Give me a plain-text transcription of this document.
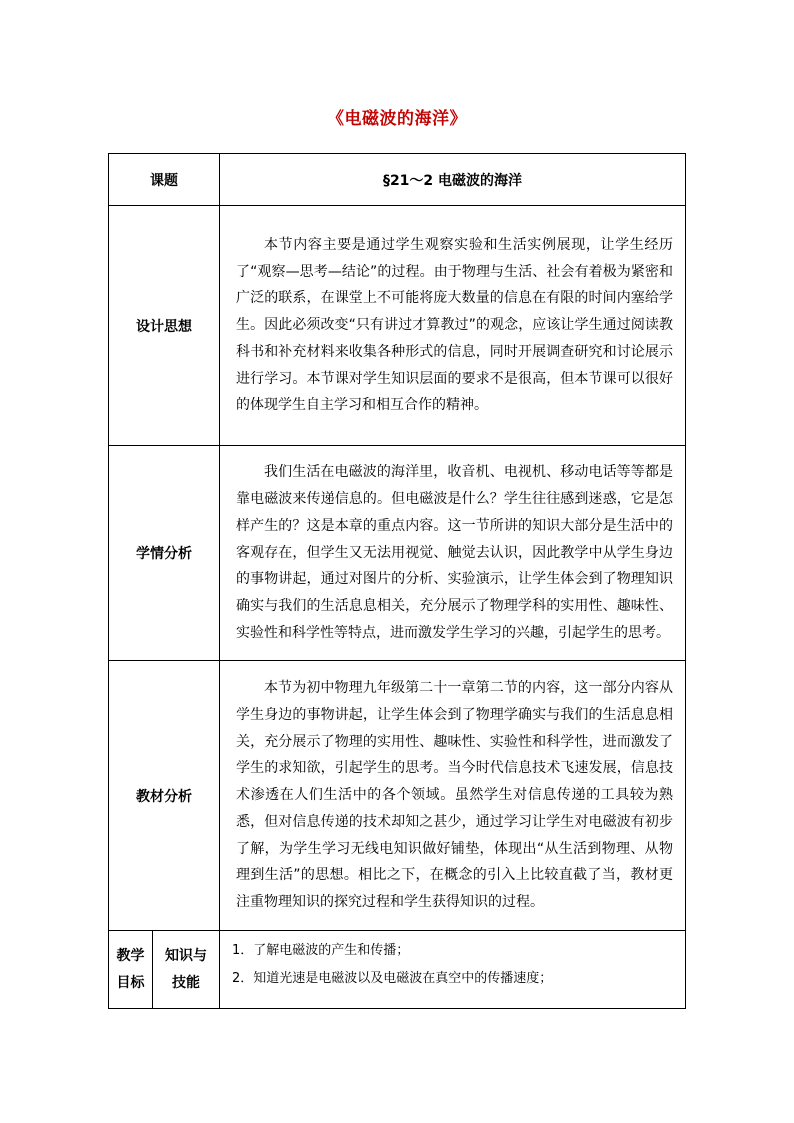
《电磁波的海洋》
课题		§21～2 电磁波的海洋
设计思想		本节内容主要是通过学生观察实验和生活实例展现，让学生经历了“观察—思考—结论”的过程。由于物理与生活、社会有着极为紧密和广泛的联系，在课堂上不可能将庞大数量的信息在有限的时间内塞给学生。因此必须改变“只有讲过才算教过”的观念，应该让学生通过阅读教科书和补充材料来收集各种形式的信息，同时开展调查研究和讨论展示进行学习。本节课对学生知识层面的要求不是很高，但本节课可以很好的体现学生自主学习和相互合作的精神。

学情分析		我们生活在电磁波的海洋里，收音机、电视机、移动电话等等都是靠电磁波来传递信息的。但电磁波是什么？学生往往感到迷惑，它是怎样产生的？这是本章的重点内容。这一节所讲的知识大部分是生活中的客观存在，但学生又无法用视觉、触觉去认识，因此教学中从学生身边的事物讲起，通过对图片的分析、实验演示，让学生体会到了物理知识确实与我们的生活息息相关，充分展示了物理学科的实用性、趣味性、实验性和科学性等特点，进而激发学生学习的兴趣，引起学生的思考。

教材分析		本节为初中物理九年级第二十一章第二节的内容，这一部分内容从学生身边的事物讲起，让学生体会到了物理学确实与我们的生活息息相关，充分展示了物理的实用性、趣味性、实验性和科学性，进而激发了学生的求知欲，引起学生的思考。当今时代信息技术飞速发展，信息技术渗透在人们生活中的各个领域。虽然学生对信息传递的工具较为熟悉，但对信息传递的技术却知之甚少，通过学习让学生对电磁波有初步了解，为学生学习无线电知识做好铺垫，体现出“从生活到物理、从物理到生活”的思想。相比之下，在概念的引入上比较直截了当，教材更注重物理知识的探究过程和学生获得知识的过程。

教学目标	知识与技能	1．了解电磁波的产生和传播；
2．知道光速是电磁波以及电磁波在真空中的传播速度；
